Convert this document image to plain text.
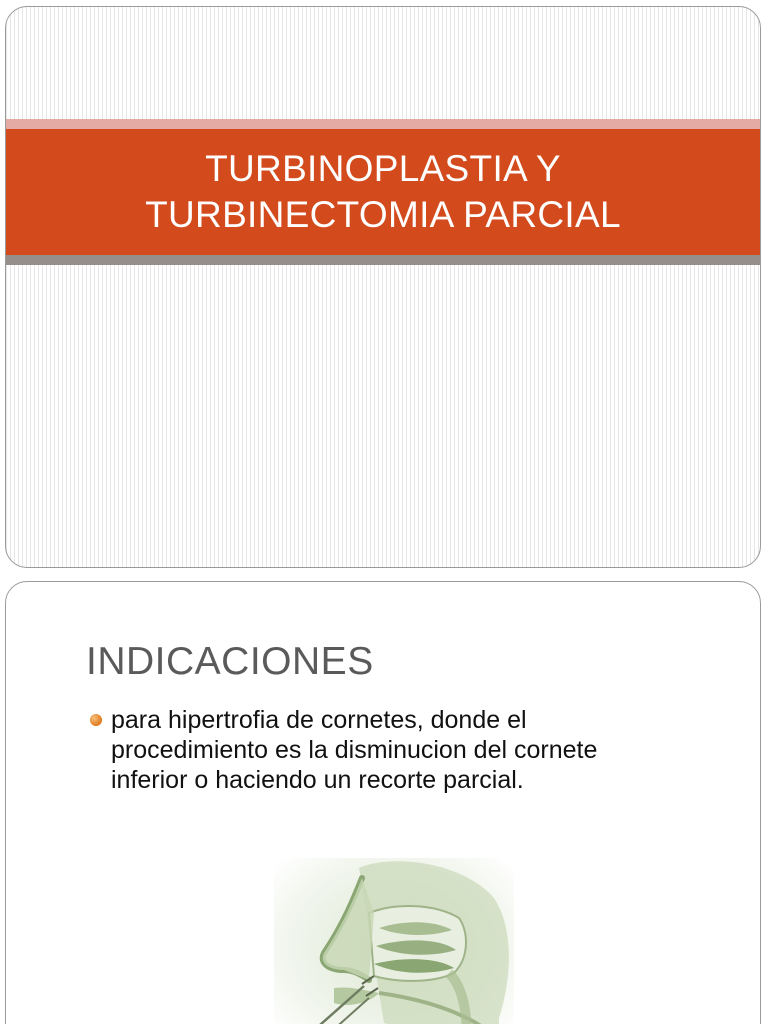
TURBINOPLASTIA Y
TURBINECTOMIA PARCIAL
INDICACIONES
para hipertrofia de cornetes, donde el
procedimiento es la disminucion del cornete
inferior o haciendo un recorte parcial.
